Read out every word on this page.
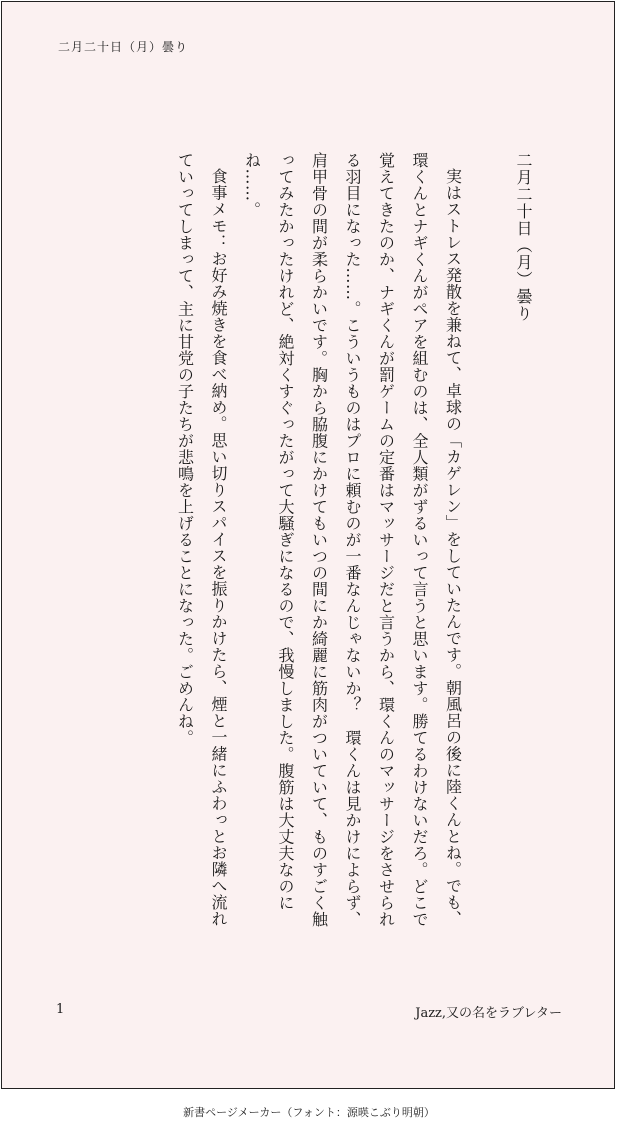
二月二十日（月）曇り

二月二十日（月）曇り

実はストレス発散を兼ねて、卓球の「カゲレン」をしていたんです。朝風呂の後に陸くんとね。でも、環くんとナギくんがペアを組むのは、全人類がずるいって言うと思います。勝てるわけないだろ。どこで覚えてきたのか、ナギくんが罰ゲームの定番はマッサージだと言うから、環くんのマッサージをさせられる羽目になった……。こういうものはプロに頼むのが一番なんじゃないか？　環くんは見かけによらず、肩甲骨の間が柔らかいです。胸から脇腹にかけてもいつの間にか綺麗に筋肉がついていて、ものすごく触ってみたかったけれど、絶対くすぐったがって大騒ぎになるので、我慢しました。腹筋は大丈夫なのにね……。

食事メモ：お好み焼きを食べ納め。思い切りスパイスを振りかけたら、煙と一緒にふわっとお隣へ流れていってしまって、主に甘党の子たちが悲鳴を上げることになった。ごめんね。

1	Jazz,又の名をラブレター
新書ページメーカー（フォント：源暎こぶり明朝）
